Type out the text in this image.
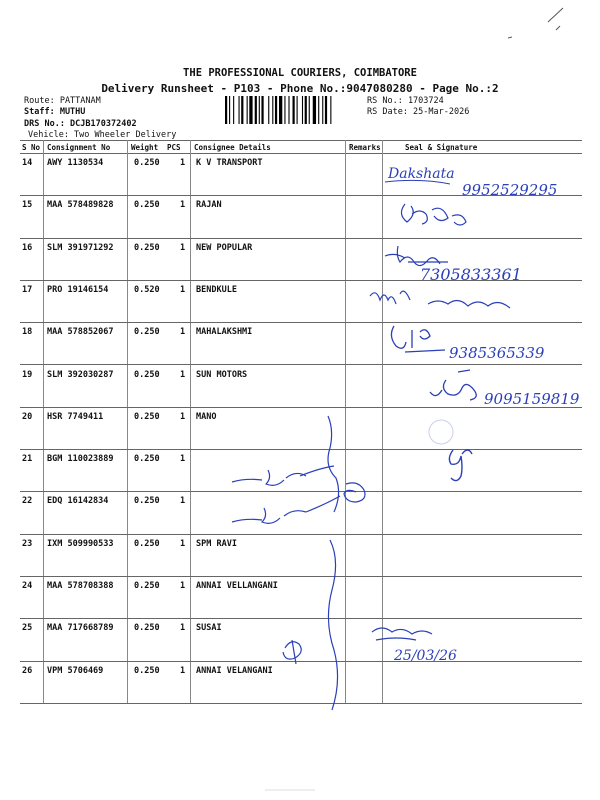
THE PROFESSIONAL COURIERS, COIMBATORE
Delivery Runsheet - P103 - Phone No.:9047080280 - Page No.:2
Route: PATTANAM
Staff: MUTHU
DRS No.: DCJB170372402
Vehicle: Two Wheeler Delivery
RS No.: 1703724
RS Date: 25-Mar-2026
S No Consignment No	Weight PCS Consignee Details	Remarks	Seal & Signature
14 AWY 1130534	0.250 1 K V TRANSPORT
15 MAA 578489828 0.250 1 RAJAN
16 SLM 391971292 0.250 1 NEW POPULAR
17 PRO 19146154	0.520 1 BENDKULE
18 MAA 578852067 0.250 1 MAHALAKSHMI
19 SLM 392030287 0.250 1 SUN MOTORS
20 HSR 7749411	0.250 1 MANO
21 BGM 110023889 0.250 1
22 EDQ 16142834	0.250 1
23 IXM 509990533 0.250 1 SPM RAVI
24 MAA 578708388 0.250 1 ANNAI VELLANGANI
25 MAA 717668789 0.250 1 SUSAI
26 VPM 5706469	0.250 1 ANNAI VELANGANI
Dakshata
9952529295
7305833361
9385365339
9095159819
25/03/26
